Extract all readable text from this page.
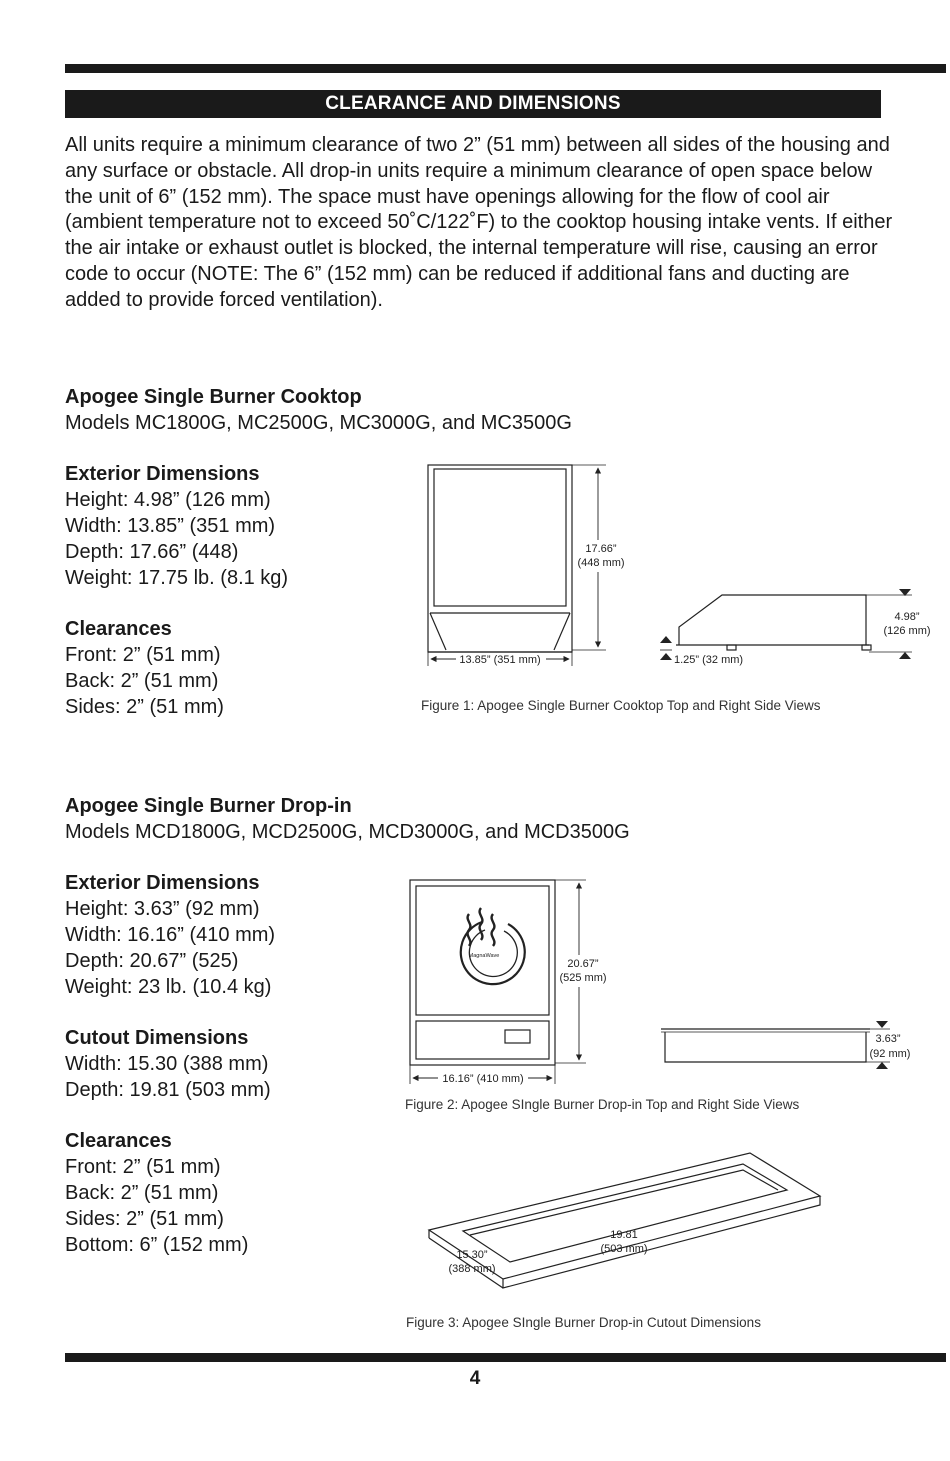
CLEARANCE AND DIMENSIONS

All units require a minimum clearance of two 2” (51 mm) between all sides of the housing and any surface or obstacle. All drop-in units require a minimum clearance of open space below the unit of 6” (152 mm). The space must have openings allowing for the flow of cool air (ambient temperature not to exceed 50˚C/122˚F) to the cooktop housing intake vents. If either the air intake or exhaust outlet is blocked, the internal temperature will rise, causing an error code to occur (NOTE: The 6” (152 mm) can be reduced if additional fans and ducting are added to provide forced ventilation).

Apogee Single Burner Cooktop
Models MC1800G, MC2500G, MC3000G, and MC3500G
Exterior Dimensions
Height: 4.98” (126 mm)
Width: 13.85” (351 mm)
Depth: 17.66” (448)
Weight: 17.75 lb. (8.1 kg)
Clearances
Front: 2” (51 mm)
Back: 2” (51 mm)
Sides: 2” (51 mm)
Apogee Single Burner Drop-in
Models MCD1800G, MCD2500G, MCD3000G, and MCD3500G
Exterior Dimensions
Height: 3.63” (92 mm)
Width: 16.16” (410 mm)
Depth: 20.67” (525)
Weight: 23 lb. (10.4 kg)
Cutout Dimensions
Width: 15.30 (388 mm)
Depth: 19.81 (503 mm)
Clearances
Front: 2” (51 mm)
Back: 2” (51 mm)
Sides: 2” (51 mm)
Bottom: 6” (152 mm)
17.66”
(448 mm)
13.85” (351 mm)
4.98”
(126 mm)
1.25” (32 mm)
MagnaWave
20.67”
(525 mm)
16.16” (410 mm)
3.63”
(92 mm)
19.81
(503 mm)
15.30”
(388 mm)
Figure 1: Apogee Single Burner Cooktop Top and Right Side Views
Figure 2: Apogee SIngle Burner Drop-in Top and Right Side Views
Figure 3: Apogee SIngle Burner Drop-in Cutout Dimensions
4
